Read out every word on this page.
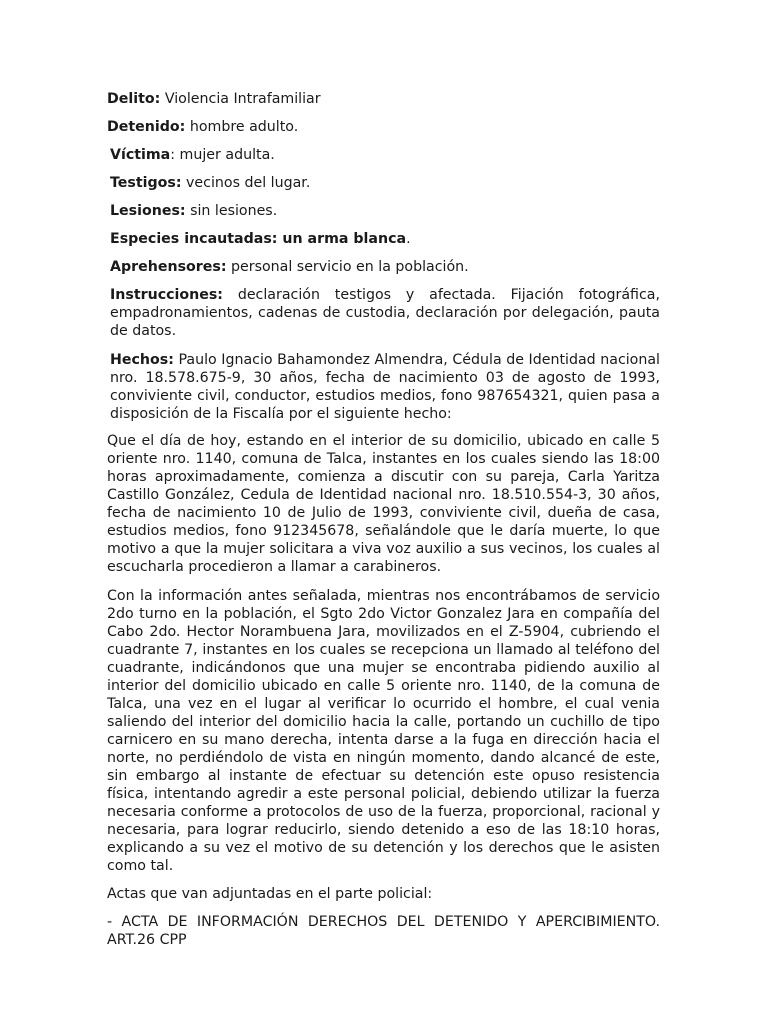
Delito: Violencia Intrafamiliar
Detenido: hombre adulto.
Víctima: mujer adulta.
Testigos: vecinos del lugar.
Lesiones: sin lesiones.
Especies incautadas: un arma blanca.
Aprehensores: personal servicio en la población.
Instrucciones: declaración testigos y afectada. Fijación fotográfica, empadronamientos, cadenas de custodia, declaración por delegación, pauta de datos.
Hechos: Paulo Ignacio Bahamondez Almendra, Cédula de Identidad nacional nro. 18.578.675-9, 30 años, fecha de nacimiento 03 de agosto de 1993, conviviente civil, conductor, estudios medios, fono 987654321, quien pasa a disposición de la Fiscalía por el siguiente hecho:

Que el día de hoy, estando en el interior de su domicilio, ubicado en calle 5 oriente nro. 1140, comuna de Talca, instantes en los cuales siendo las 18:00 horas aproximadamente, comienza a discutir con su pareja, Carla Yaritza Castillo González, Cedula de Identidad nacional nro. 18.510.554-3, 30 años, fecha de nacimiento 10 de Julio de 1993, conviviente civil, dueña de casa, estudios medios, fono 912345678, señalándole que le daría muerte, lo que motivo a que la mujer solicitara a viva voz auxilio a sus vecinos, los cuales al escucharla procedieron a llamar a carabineros.

Con la información antes señalada, mientras nos encontrábamos de servicio 2do turno en la población, el Sgto 2do Victor Gonzalez Jara en compañía del Cabo 2do. Hector Norambuena Jara, movilizados en el Z-5904, cubriendo el cuadrante 7, instantes en los cuales se recepciona un llamado al teléfono del cuadrante, indicándonos que una mujer se encontraba pidiendo auxilio al interior del domicilio ubicado en calle 5 oriente nro. 1140, de la comuna de Talca, una vez en el lugar al verificar lo ocurrido el hombre, el cual venia saliendo del interior del domicilio hacia la calle, portando un cuchillo de tipo carnicero en su mano derecha, intenta darse a la fuga en dirección hacia el norte, no perdiéndolo de vista en ningún momento, dando alcancé de este, sin embargo al instante de efectuar su detención este opuso resistencia física, intentando agredir a este personal policial, debiendo utilizar la fuerza necesaria conforme a protocolos de uso de la fuerza, proporcional, racional y necesaria, para lograr reducirlo, siendo detenido a eso de las 18:10 horas, explicando a su vez el motivo de su detención y los derechos que le asisten como tal.

Actas que van adjuntadas en el parte policial:

- ACTA DE INFORMACIÓN DERECHOS DEL DETENIDO Y APERCIBIMIENTO. ART.26 CPP
